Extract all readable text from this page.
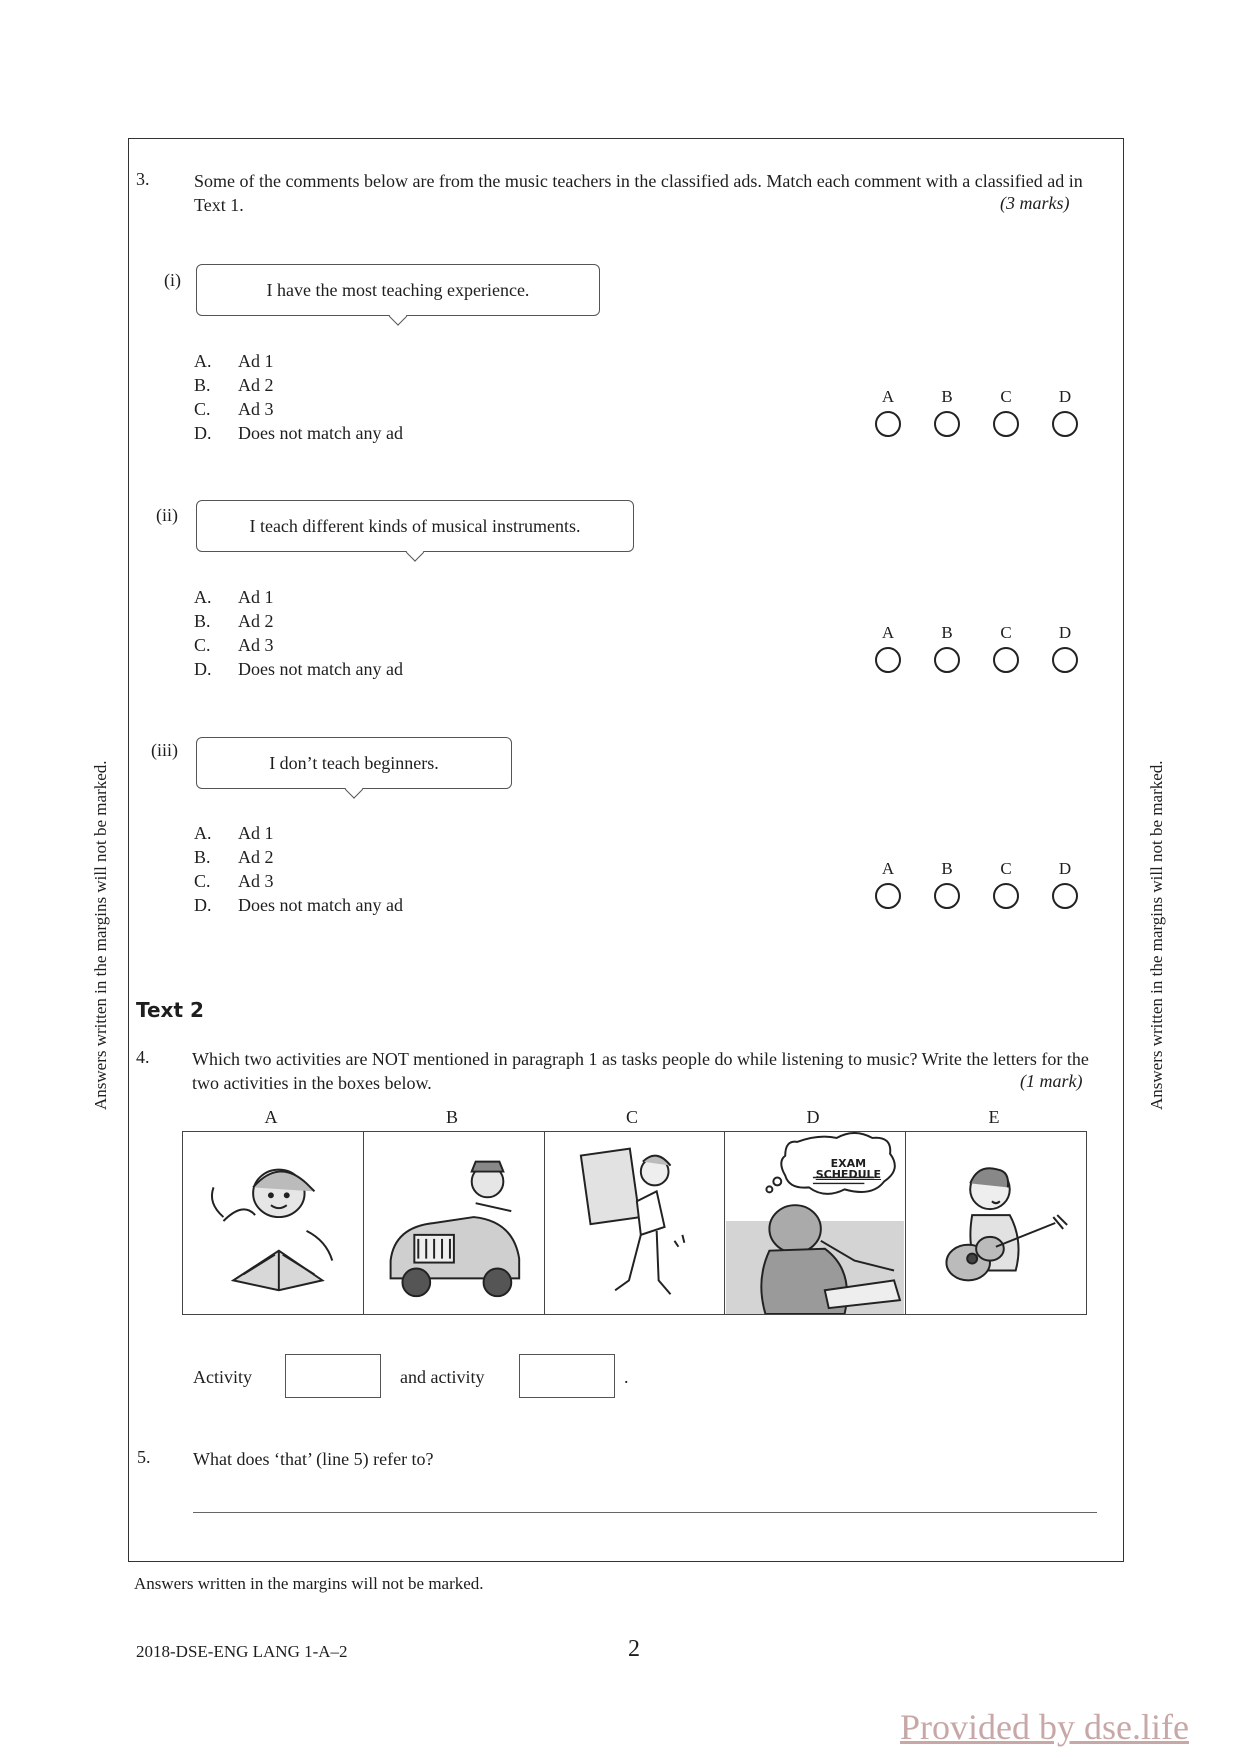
Answers written in the margins will not be marked.	Answers written in the margins will not be marked.
3. Some of the comments below are from the music teachers in the classified ads. Match each comment with a classified ad in Text 1.	(3 marks)
(i)	I have the most teaching experience.
A.	Ad 1
B.	Ad 2
C.	Ad 3
D.	Does not match any ad
A	B	C	D
(ii)
I teach different kinds of musical instruments.
A.	Ad 1
B.	Ad 2
C.	Ad 3
D.	Does not match any ad
A	B	C	D
(iii)
I don’t teach beginners.
A.	Ad 1
B.	Ad 2
C.	Ad 3
D.	Does not match any ad
A	B	C	D
Text 2
4. Which two activities are NOT mentioned in paragraph 1 as tasks people do while listening to music? Write the letters for the two activities in the boxes below.	(1 mark)
A	B	C	D	E
EXAM
SCHEDULE
Activity	and activity	.
5. What does ‘that’ (line 5) refer to?
Answers written in the margins will not be marked.
2018-DSE-ENG LANG 1-A–2	2
Provided by dse.life
